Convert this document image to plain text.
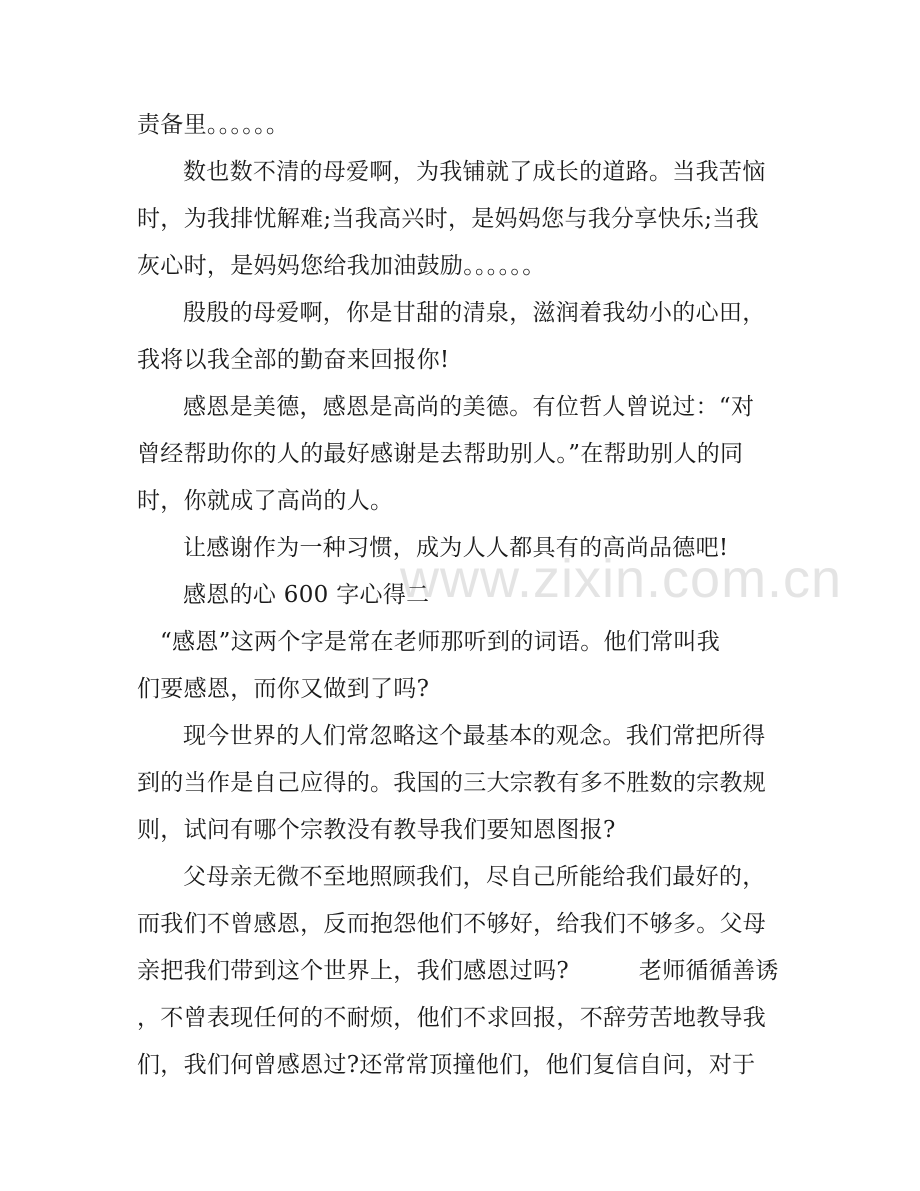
www.zixin.com.cn
责备里。。。。。。
数也数不清的母爱啊，为我铺就了成长的道路。当我苦恼
时，为我排忧解难;当我高兴时，是妈妈您与我分享快乐;当我
灰心时，是妈妈您给我加油鼓励。。。。。。
殷殷的母爱啊，你是甘甜的清泉，滋润着我幼小的心田，
我将以我全部的勤奋来回报你!
感恩是美德，感恩是高尚的美德。有位哲人曾说过：“对
曾经帮助你的人的最好感谢是去帮助别人。”在帮助别人的同
时，你就成了高尚的人。
让感谢作为一种习惯，成为人人都具有的高尚品德吧!
感恩的心 600 字心得二
“感恩”这两个字是常在老师那听到的词语。他们常叫我
们要感恩，而你又做到了吗?
现今世界的人们常忽略这个最基本的观念。我们常把所得
到的当作是自己应得的。我国的三大宗教有多不胜数的宗教规
则，试问有哪个宗教没有教导我们要知恩图报?
父母亲无微不至地照顾我们，尽自己所能给我们最好的，
而我们不曾感恩，反而抱怨他们不够好，给我们不够多。父母
亲把我们带到这个世界上，我们感恩过吗?　　　老师循循善诱
，不曾表现任何的不耐烦，他们不求回报，不辞劳苦地教导我
们，我们何曾感恩过?还常常顶撞他们，他们复信自问，对于
